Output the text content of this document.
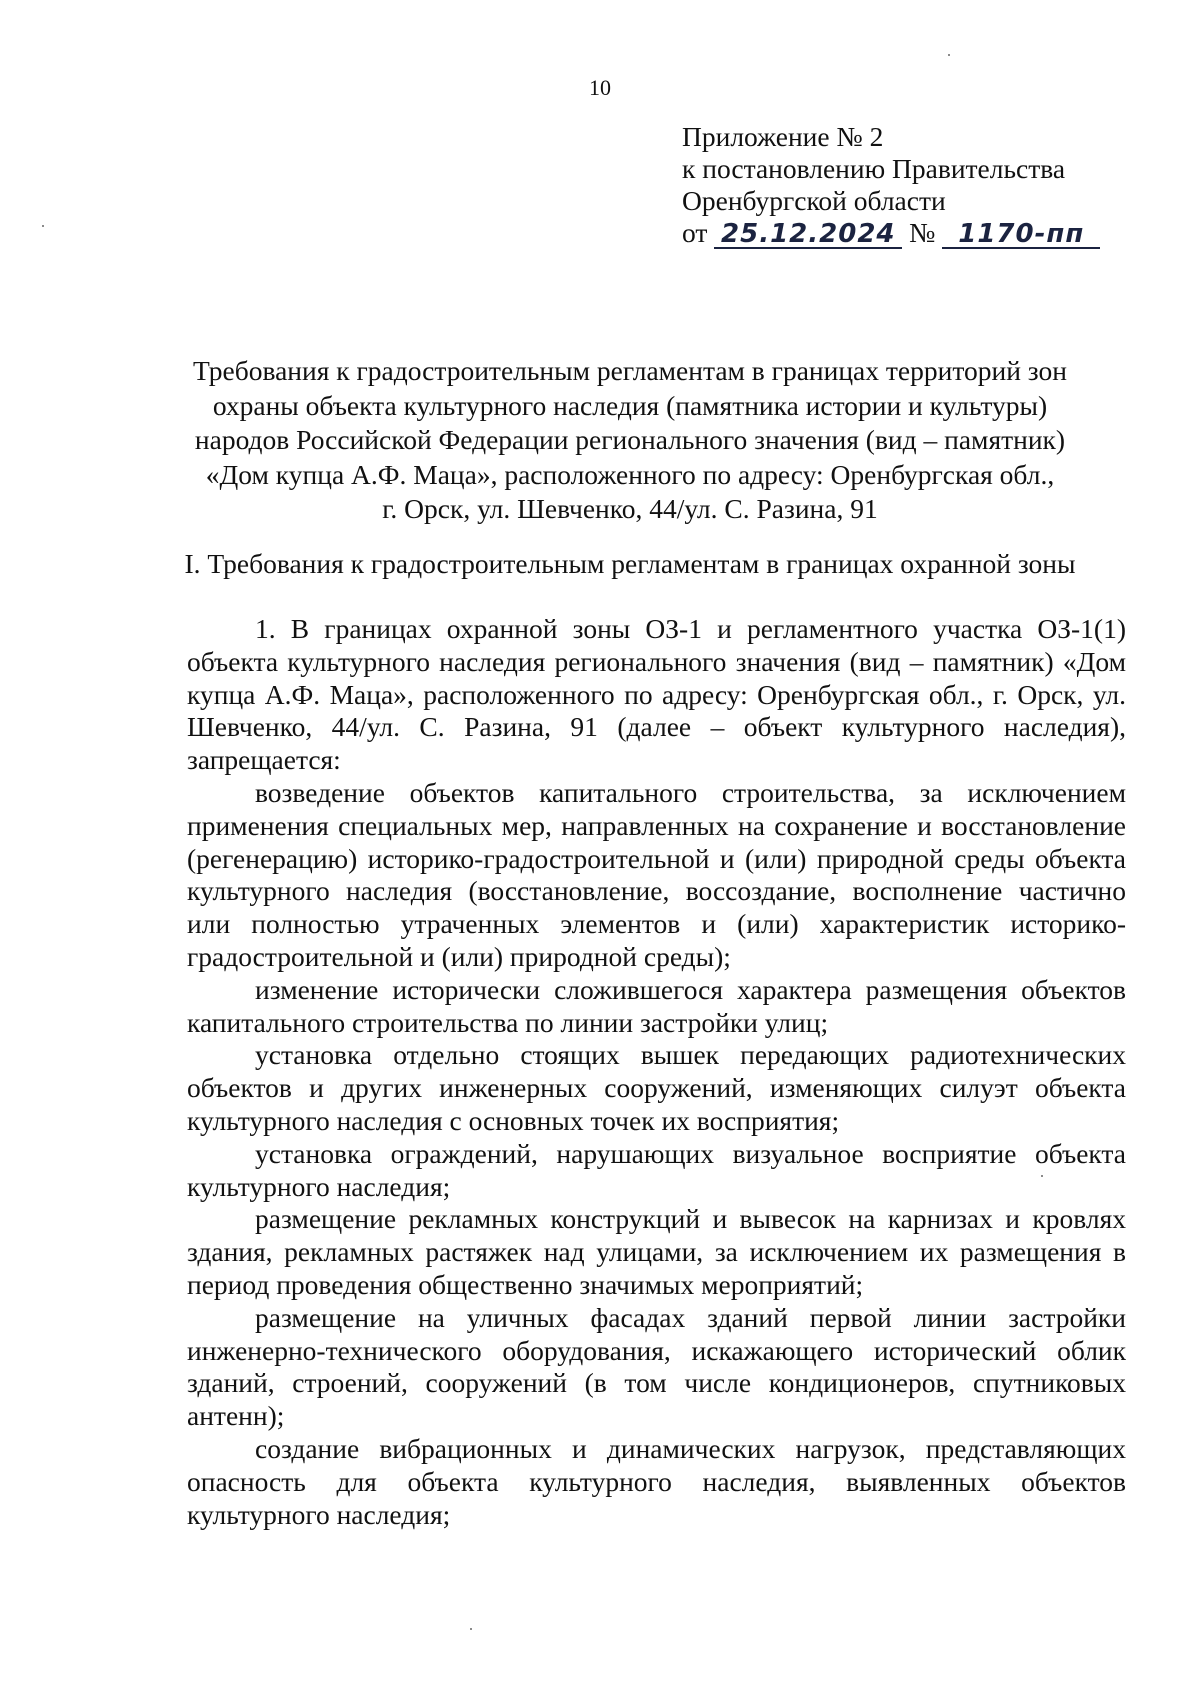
10
Приложение № 2
к постановлению Правительства
Оренбургской области
от 25.12.2024 № 1170-пп
Требования к градостроительным регламентам в границах территорий зон
охраны объекта культурного наследия (памятника истории и культуры)
народов Российской Федерации регионального значения (вид – памятник)
«Дом купца А.Ф. Маца», расположенного по адресу: Оренбургская обл.,
г. Орск, ул. Шевченко, 44/ул. С. Разина, 91
I. Требования к градостроительным регламентам в границах охранной зоны

1. В границах охранной зоны ОЗ-1 и регламентного участка ОЗ-1(1) объекта культурного наследия регионального значения (вид – памятник) «Дом купца А.Ф. Маца», расположенного по адресу: Оренбургская обл., г. Орск, ул. Шевченко, 44/ул. С. Разина, 91 (далее – объект культурного наследия), запрещается:

возведение объектов капитального строительства, за исключением применения специальных мер, направленных на сохранение и восстановление (регенерацию) историко-градостроительной и (или) природной среды объекта культурного наследия (восстановление, воссоздание, восполнение частично или полностью утраченных элементов и (или) характеристик историко-градостроительной и (или) природной среды);

изменение исторически сложившегося характера размещения объектов капитального строительства по линии застройки улиц;

установка отдельно стоящих вышек передающих радиотехнических объектов и других инженерных сооружений, изменяющих силуэт объекта культурного наследия с основных точек их восприятия;

установка ограждений, нарушающих визуальное восприятие объекта культурного наследия;

размещение рекламных конструкций и вывесок на карнизах и кровлях здания, рекламных растяжек над улицами, за исключением их размещения в период проведения общественно значимых мероприятий;

размещение на уличных фасадах зданий первой линии застройки инженерно-технического оборудования, искажающего исторический облик зданий, строений, сооружений (в том числе кондиционеров, спутниковых антенн);

создание вибрационных и динамических нагрузок, представляющих опасность для объекта культурного наследия, выявленных объектов культурного наследия;
